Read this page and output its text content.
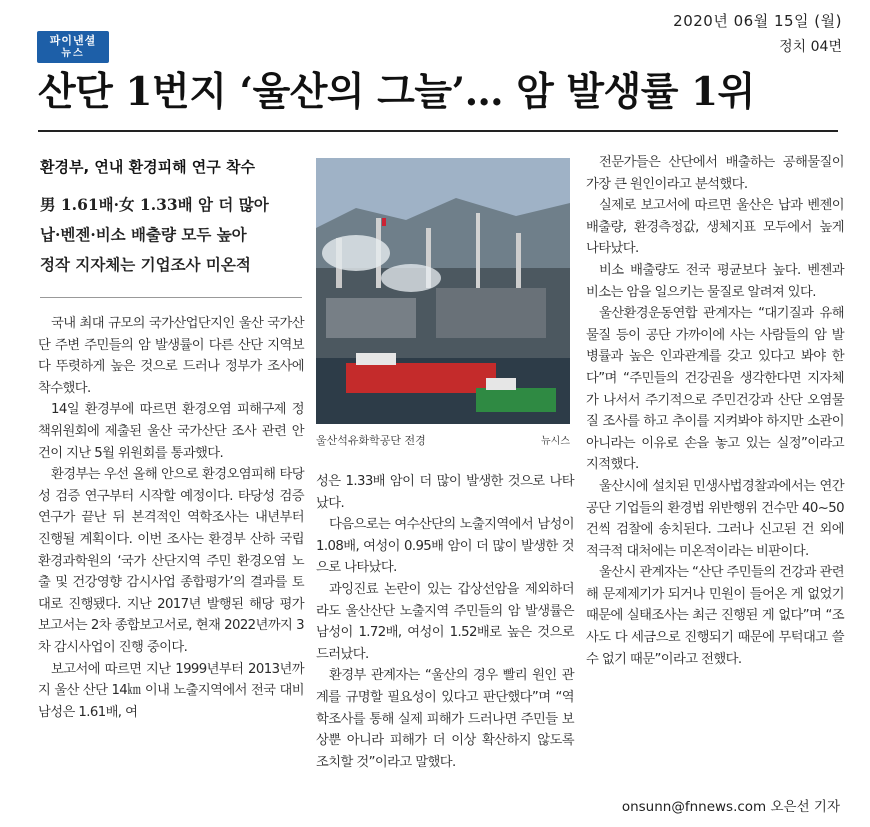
파이낸셜
뉴스
2020년 06월 15일 (월)
정치 04면
산단 1번지 ‘울산의 그늘’… 암 발생률 1위
환경부, 연내 환경피해 연구 착수
男 1.61배·女 1.33배 암 더 많아
납·벤젠·비소 배출량 모두 높아
정작 지자체는 기업조사 미온적

국내 최대 규모의 국가산업단지인 울산 국가산단 주변 주민들의 암 발생률이 다른 산단 지역보다 뚜렷하게 높은 것으로 드러나 정부가 조사에 착수했다.

14일 환경부에 따르면 환경오염 피해구제 정책위원회에 제출된 울산 국가산단 조사 관련 안건이 지난 5월 위원회를 통과했다.

환경부는 우선 올해 안으로 환경오염피해 타당성 검증 연구부터 시작할 예정이다. 타당성 검증 연구가 끝난 뒤 본격적인 역학조사는 내년부터 진행될 계획이다. 이번 조사는 환경부 산하 국립환경과학원의 ‘국가 산단지역 주민 환경오염 노출 및 건강영향 감시사업 종합평가’의 결과를 토대로 진행됐다. 지난 2017년 발행된 해당 평가 보고서는 2차 종합보고서로, 현재 2022년까지 3차 감시사업이 진행 중이다.

보고서에 따르면 지난 1999년부터 2013년까지 울산 산단 14㎞ 이내 노출지역에서 전국 대비 남성은 1.61배, 여

울산석유화학공단 전경	뉴시스

성은 1.33배 암이 더 많이 발생한 것으로 나타났다.

다음으로는 여수산단의 노출지역에서 남성이 1.08배, 여성이 0.95배 암이 더 많이 발생한 것으로 나타났다.

과잉진료 논란이 있는 갑상선암을 제외하더라도 울산산단 노출지역 주민들의 암 발생률은 남성이 1.72배, 여성이 1.52배로 높은 것으로 드러났다.

환경부 관계자는 “울산의 경우 빨리 원인 관계를 규명할 필요성이 있다고 판단했다”며 “역학조사를 통해 실제 피해가 드러나면 주민들 보상뿐 아니라 피해가 더 이상 확산하지 않도록 조치할 것”이라고 말했다.

전문가들은 산단에서 배출하는 공해물질이 가장 큰 원인이라고 분석했다.

실제로 보고서에 따르면 울산은 납과 벤젠이 배출량, 환경측정값, 생체지표 모두에서 높게 나타났다.

비소 배출량도 전국 평균보다 높다. 벤젠과 비소는 암을 일으키는 물질로 알려져 있다.

울산환경운동연합 관계자는 “대기질과 유해물질 등이 공단 가까이에 사는 사람들의 암 발병률과 높은 인과관계를 갖고 있다고 봐야 한다”며 “주민들의 건강권을 생각한다면 지자체가 나서서 주기적으로 주민건강과 산단 오염물질 조사를 하고 추이를 지켜봐야 하지만 소관이 아니라는 이유로 손을 놓고 있는 실정”이라고 지적했다.

울산시에 설치된 민생사법경찰과에서는 연간 공단 기업들의 환경법 위반행위 건수만 40~50건씩 검찰에 송치된다. 그러나 신고된 건 외에 적극적 대처에는 미온적이라는 비판이다.

울산시 관계자는 “산단 주민들의 건강과 관련해 문제제기가 되거나 민원이 들어온 게 없었기 때문에 실태조사는 최근 진행된 게 없다”며 “조사도 다 세금으로 진행되기 때문에 무턱대고 쓸 수 없기 때문”이라고 전했다.

onsunn@fnnews.com 오은선 기자
